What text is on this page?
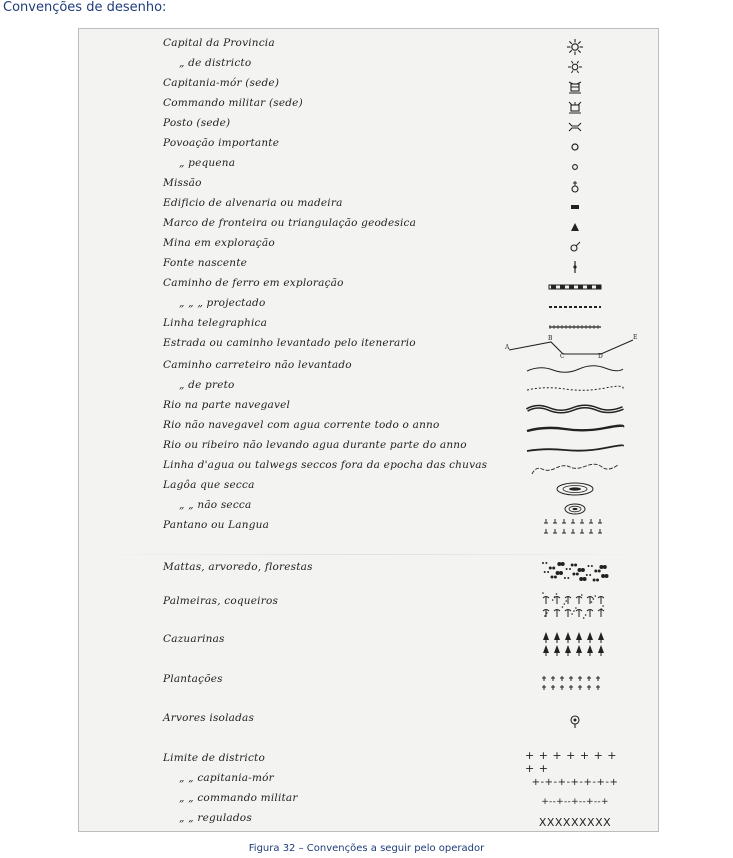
Convenções de desenho:
Capital da Provincia
„ de districto
Capitania-mór (sede)
Commando militar (sede)
Posto (sede)
Povoação importante
„ pequena
Missão
Edificio de alvenaria ou madeira
Marco de fronteira ou triangulação geodesica
Mina em exploração
Fonte nascente
Caminho de ferro em exploração
„ „ „ projectado
Linha telegraphica
Estrada ou caminho levantado pelo itenerario	A
B
C	D
E
Caminho carreteiro não levantado
„ de preto
Rio na parte navegavel
Rio não navegavel com agua corrente todo o anno
Rio ou ribeiro não levando agua durante parte do anno
Linha d'agua ou talwegs seccos fora da epocha das chuvas
Lagôa que secca
„ „ não secca
Pantano ou Langua
Mattas, arvoredo, florestas
Palmeiras, coqueiros
Cazuarinas
Plantações
Arvores isoladas
Limite de districto	+ + + + + + + + +
„ „ capitania-mór	+-+-+-+-+-+-+
„ „ commando militar	+--+--+--+--+
„ „ regulados	XXXXXXXXX
Figura 32 – Convenções a seguir pelo operador
